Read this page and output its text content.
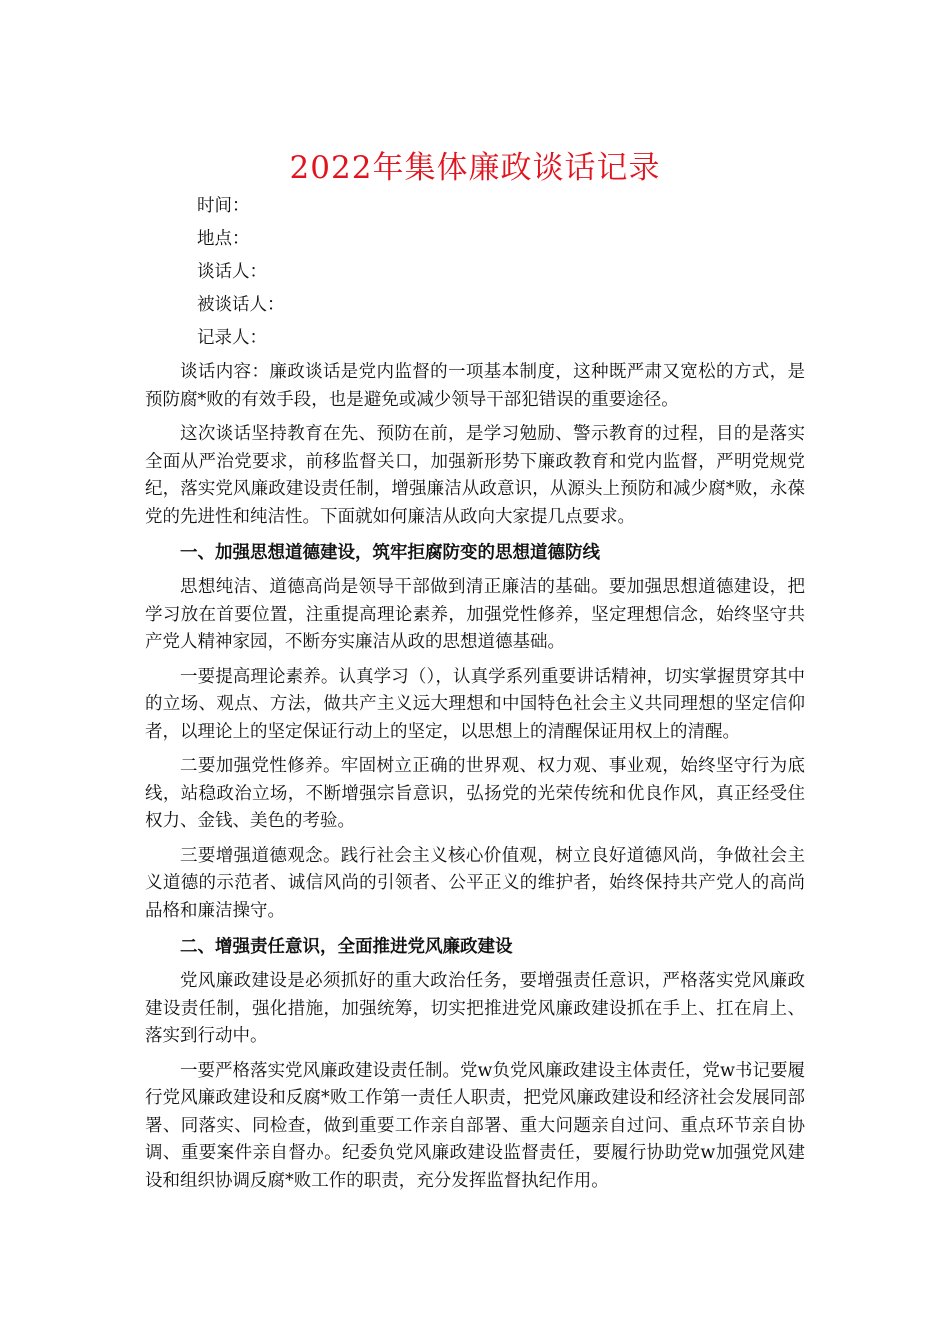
2022年集体廉政谈话记录

时间：

地点：

谈话人：

被谈话人：

记录人：

谈话内容：廉政谈话是党内监督的一项基本制度，这种既严肃又宽松的方式，是预防腐*败的有效手段，也是避免或减少领导干部犯错误的重要途径。

这次谈话坚持教育在先、预防在前，是学习勉励、警示教育的过程，目的是落实全面从严治党要求，前移监督关口，加强新形势下廉政教育和党内监督，严明党规党纪，落实党风廉政建设责任制，增强廉洁从政意识，从源头上预防和减少腐*败，永葆党的先进性和纯洁性。下面就如何廉洁从政向大家提几点要求。

一、加强思想道德建设，筑牢拒腐防变的思想道德防线

思想纯洁、道德高尚是领导干部做到清正廉洁的基础。要加强思想道德建设，把学习放在首要位置，注重提高理论素养，加强党性修养，坚定理想信念，始终坚守共产党人精神家园，不断夯实廉洁从政的思想道德基础。

一要提高理论素养。认真学习（），认真学系列重要讲话精神，切实掌握贯穿其中的立场、观点、方法，做共产主义远大理想和中国特色社会主义共同理想的坚定信仰者，以理论上的坚定保证行动上的坚定，以思想上的清醒保证用权上的清醒。

二要加强党性修养。牢固树立正确的世界观、权力观、事业观，始终坚守行为底线，站稳政治立场，不断增强宗旨意识，弘扬党的光荣传统和优良作风，真正经受住权力、金钱、美色的考验。

三要增强道德观念。践行社会主义核心价值观，树立良好道德风尚，争做社会主义道德的示范者、诚信风尚的引领者、公平正义的维护者，始终保持共产党人的高尚品格和廉洁操守。

二、增强责任意识，全面推进党风廉政建设

党风廉政建设是必须抓好的重大政治任务，要增强责任意识，严格落实党风廉政建设责任制，强化措施，加强统筹，切实把推进党风廉政建设抓在手上、扛在肩上、落实到行动中。

一要严格落实党风廉政建设责任制。党w负党风廉政建设主体责任，党w书记要履行党风廉政建设和反腐*败工作第一责任人职责，把党风廉政建设和经济社会发展同部署、同落实、同检查，做到重要工作亲自部署、重大问题亲自过问、重点环节亲自协调、重要案件亲自督办。纪委负党风廉政建设监督责任，要履行协助党w加强党风建设和组织协调反腐*败工作的职责，充分发挥监督执纪作用。
